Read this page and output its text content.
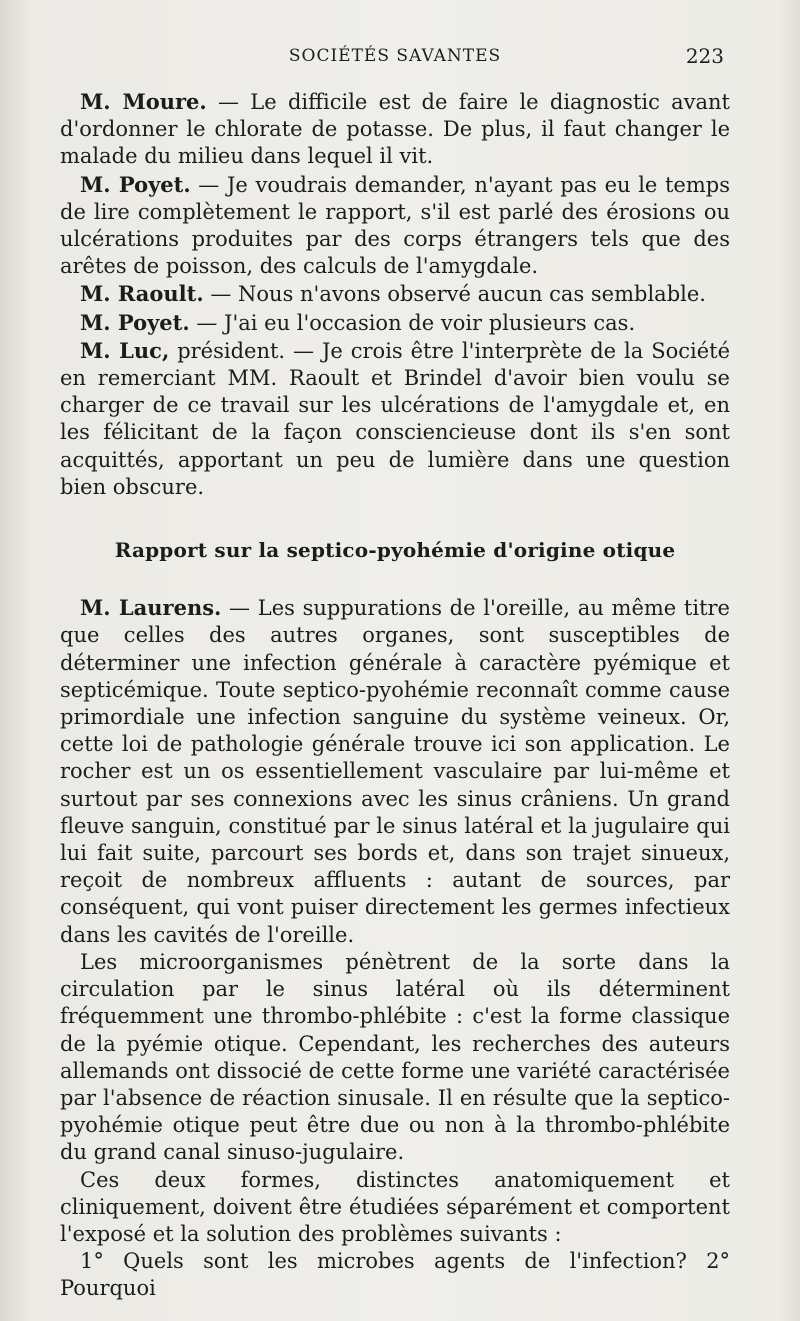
SOCIÉTÉS SAVANTES	223

M. Moure. — Le difficile est de faire le diagnostic avant d'ordonner le chlorate de potasse. De plus, il faut changer le malade du milieu dans lequel il vit.

M. Poyet. — Je voudrais demander, n'ayant pas eu le temps de lire complètement le rapport, s'il est parlé des érosions ou ulcérations produites par des corps étrangers tels que des arêtes de poisson, des calculs de l'amygdale.

M. Raoult. — Nous n'avons observé aucun cas semblable.

M. Poyet. — J'ai eu l'occasion de voir plusieurs cas.

M. Luc, président. — Je crois être l'interprète de la Société en remerciant MM. Raoult et Brindel d'avoir bien voulu se charger de ce travail sur les ulcérations de l'amygdale et, en les félicitant de la façon consciencieuse dont ils s'en sont acquittés, apportant un peu de lumière dans une question bien obscure.

Rapport sur la septico-pyohémie d'origine otique

M. Laurens. — Les suppurations de l'oreille, au même titre que celles des autres organes, sont susceptibles de déterminer une infection générale à caractère pyémique et septicémique. Toute septico-pyohémie reconnaît comme cause primordiale une infection sanguine du système veineux. Or, cette loi de pathologie générale trouve ici son application. Le rocher est un os essentiellement vasculaire par lui-même et surtout par ses connexions avec les sinus crâniens. Un grand fleuve sanguin, constitué par le sinus latéral et la jugulaire qui lui fait suite, parcourt ses bords et, dans son trajet sinueux, reçoit de nombreux affluents : autant de sources, par conséquent, qui vont puiser directement les germes infectieux dans les cavités de l'oreille.

Les microorganismes pénètrent de la sorte dans la circulation par le sinus latéral où ils déterminent fréquemment une thrombo-phlébite : c'est la forme classique de la pyémie otique. Cependant, les recherches des auteurs allemands ont dissocié de cette forme une variété caractérisée par l'absence de réaction sinusale. Il en résulte que la septico-pyohémie otique peut être due ou non à la thrombo-phlébite du grand canal sinuso-jugulaire.

Ces deux formes, distinctes anatomiquement et cliniquement, doivent être étudiées séparément et comportent l'exposé et la solution des problèmes suivants :

1° Quels sont les microbes agents de l'infection? 2° Pourquoi
